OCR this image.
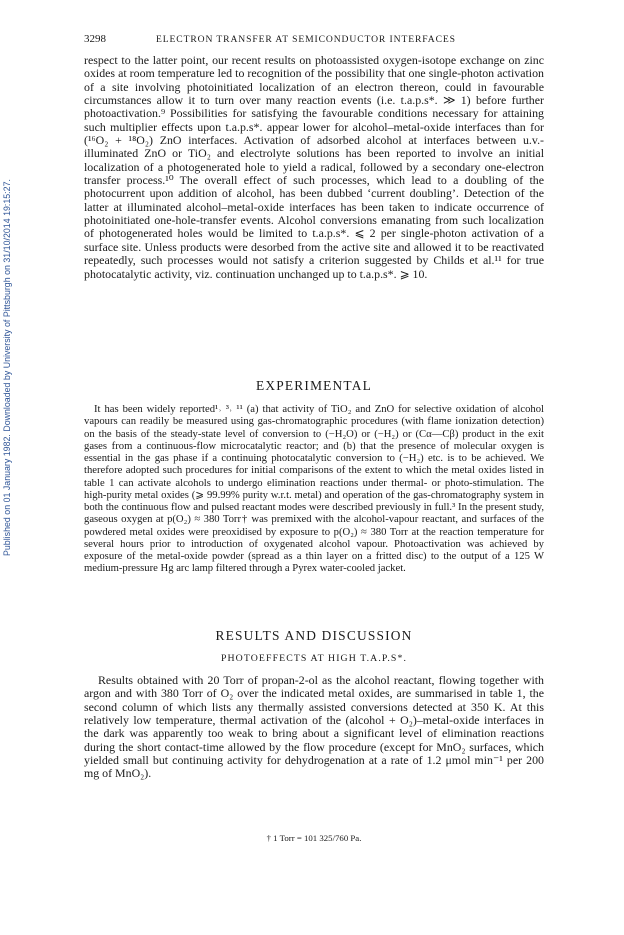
Published on 01 January 1982. Downloaded by University of Pittsburgh on 31/10/2014 19:15:27.
3298	ELECTRON TRANSFER AT SEMICONDUCTOR INTERFACES

respect to the latter point, our recent results on photoassisted oxygen-isotope exchange on zinc oxides at room temperature led to recognition of the possibility that one single-photon activation of a site involving photoinitiated localization of an electron thereon, could in favourable circumstances allow it to turn over many reaction events (i.e. t.a.p.s*. ≫ 1) before further photoactivation.⁹ Possibilities for satisfying the favourable conditions necessary for attaining such multiplier effects upon t.a.p.s*. appear lower for alcohol–metal-oxide interfaces than for (¹⁶O₂ + ¹⁸O₂) ZnO interfaces. Activation of adsorbed alcohol at interfaces between u.v.-illuminated ZnO or TiO₂ and electrolyte solutions has been reported to involve an initial localization of a photogenerated hole to yield a radical, followed by a secondary one-electron transfer process.¹⁰ The overall effect of such processes, which lead to a doubling of the photocurrent upon addition of alcohol, has been dubbed ‘current doubling’. Detection of the latter at illuminated alcohol–metal-oxide interfaces has been taken to indicate occurrence of photoinitiated one-hole-transfer events. Alcohol conversions emanating from such localization of photogenerated holes would be limited to t.a.p.s*. ⩽ 2 per single-photon activation of a surface site. Unless products were desorbed from the active site and allowed it to be reactivated repeatedly, such processes would not satisfy a criterion suggested by Childs et al.¹¹ for true photocatalytic activity, viz. continuation unchanged up to t.a.p.s*. ⩾ 10.

EXPERIMENTAL

It has been widely reported¹˒ ³˒ ¹¹ (a) that activity of TiO₂ and ZnO for selective oxidation of alcohol vapours can readily be measured using gas-chromatographic procedures (with flame ionization detection) on the basis of the steady-state level of conversion to (−H₂O) or (−H₂) or (Cα—Cβ) product in the exit gases from a continuous-flow microcatalytic reactor; and (b) that the presence of molecular oxygen is essential in the gas phase if a continuing photocatalytic conversion to (−H₂) etc. is to be achieved. We therefore adopted such procedures for initial comparisons of the extent to which the metal oxides listed in table 1 can activate alcohols to undergo elimination reactions under thermal- or photo-stimulation. The high-purity metal oxides (⩾ 99.99% purity w.r.t. metal) and operation of the gas-chromatography system in both the continuous flow and pulsed reactant modes were described previously in full.³ In the present study, gaseous oxygen at p(O₂) ≈ 380 Torr† was premixed with the alcohol-vapour reactant, and surfaces of the powdered metal oxides were preoxidised by exposure to p(O₂) ≈ 380 Torr at the reaction temperature for several hours prior to introduction of oxygenated alcohol vapour. Photoactivation was achieved by exposure of the metal-oxide powder (spread as a thin layer on a fritted disc) to the output of a 125 W medium-pressure Hg arc lamp filtered through a Pyrex water-cooled jacket.

RESULTS AND DISCUSSION
PHOTOEFFECTS AT HIGH T.A.P.S*.

Results obtained with 20 Torr of propan-2-ol as the alcohol reactant, flowing together with argon and with 380 Torr of O₂ over the indicated metal oxides, are summarised in table 1, the second column of which lists any thermally assisted conversions detected at 350 K. At this relatively low temperature, thermal activation of the (alcohol + O₂)–metal-oxide interfaces in the dark was apparently too weak to bring about a significant level of elimination reactions during the short contact-time allowed by the flow procedure (except for MnO₂ surfaces, which yielded small but continuing activity for dehydrogenation at a rate of 1.2 μmol min⁻¹ per 200 mg of MnO₂).

† 1 Torr = 101 325/760 Pa.
